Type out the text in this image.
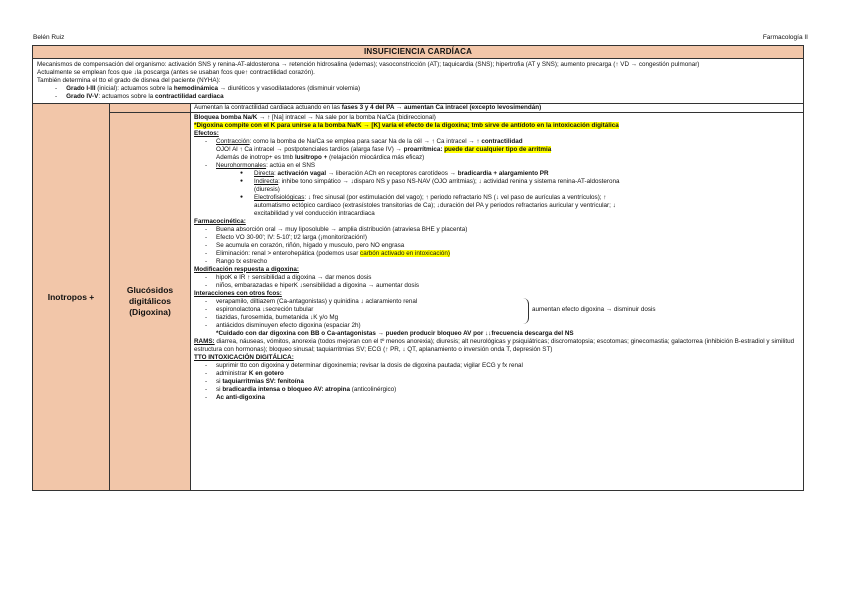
Belén Ruiz	Farmacología II
INSUFICIENCIA CARDÍACA

Mecanismos de compensación del organismo: activación SNS y renina-AT-aldosterona → retención hidrosalina (edemas); vasoconstricción (AT); taquicardia (SNS); hipertrofia (AT y SNS); aumento precarga (↑ VD → congestión pulmonar)

Actualmente se emplean fcos que ↓la poscarga (antes se usaban fcos que↑ contractilidad corazón).

También determina el tto el grado de disnea del paciente (NYHA):

- Grado I-III (inicial): actuamos sobre la hemodinámica → diuréticos y vasodilatadores (disminuir volemia)
- Grado IV-V: actuamos sobre la contractilidad cardiaca
Inotropos +
Aumentan la contractilidad cardiaca actuando en las fases 3 y 4 del PA → aumentan Ca intracel (excepto levosimendán)
Glucósidos digitálicos (Digoxina)

Bloquea bomba Na/K → ↑ [Na] intracel → Na sale por la bomba Na/Ca (bidireccional)

*Digoxina compite con el K para unirse a la bomba Na/K → [K] varía el efecto de la digoxina; tmb sirve de antídoto en la intoxicación digitálica

Efectos:

- Contracción: como la bomba de Na/Ca se emplea para sacar Na de la cél → ↑ Ca intracel → ↑ contractilidad

OJO! Al ↑ Ca intracel → postpotenciales tardíos (alarga fase IV) → proarrítmica: puede dar cualquier tipo de arritmia

Además de inotrop+ es tmb lusitropo + (relajación miocárdica más eficaz)

- Neurohormonales: actúa en el SNS

● Directa: activación vagal → liberación ACh en receptores carotídeos → bradicardia + alargamiento PR

● Indirecta: inhibe tono simpático → ↓disparo NS y paso NS-NAV (OJO arritmias); ↓ actividad renina y sistema renina-AT-aldosterona

(diuresis)

● Electrofisiológicas: ↓ frec sinusal (por estimulación del vago); ↑ periodo refractario NS (↓ vel paso de aurículas a ventrículos); ↑

automatismo ectópico cardiaco (extrasístoles transitorias de Ca); ↓duración del PA y periodos refractarios auricular y ventricular; ↓

excitabilidad y vel conducción intracardiaca

Farmacocinética:

- Buena absorción oral → muy liposoluble → amplia distribución (atraviesa BHE y placenta)

- Efecto VO 30-90'; IV: 5-10'; t/2 larga (¡monitorización!)

- Se acumula en corazón, riñón, hígado y musculo, pero NO engrasa

- Eliminación: renal > enterohepática (podemos usar carbón activado en intoxicación)

- Rango tx estrecho

Modificación respuesta a digoxina:

- hipoK e IR ↑ sensibilidad a digoxina → dar menos dosis

- niños, embarazadas e hiperK ↓sensibilidad a digoxina → aumentar dosis

Interacciones con otros fcos:

- verapamilo, diltiazem (Ca-antagonistas) y quinidina ↓ aclaramiento renal

- espironolactona ↓secreción tubular

- tiazidas, furosemida, bumetanida ↓K y/o Mg

aumentan efecto digoxina → disminuir dosis

- antiácidos disminuyen efecto digoxina (espaciar 2h)

*Cuidado con dar digoxina con BB o Ca-antagonistas → pueden producir bloqueo AV por ↓↓frecuencia descarga del NS

RAMS: diarrea, náuseas, vómitos, anorexia (todos mejoran con el tº menos anorexia); diuresis; alt neurológicas y psiquiátricas; discromatopsia; escotomas; ginecomastia; galactorrea (inhibición B-estradiol y similitud estructura con hormonas); bloqueo sinusal; taquiarritmias SV; ECG (↑ PR, ↓ QT, aplanamiento o inversión onda T, depresión ST)

TTO INTOXICACIÓN DIGITÁLICA:

- suprimir tto con digoxina y determinar digoxinemia; revisar la dosis de digoxina pautada; vigilar ECG y fx renal

- administrar K en gotero

- si taquiarritmias SV: fenitoína

- si bradicardia intensa o bloqueo AV: atropina (anticolinérgico)

- Ac anti-digoxina
